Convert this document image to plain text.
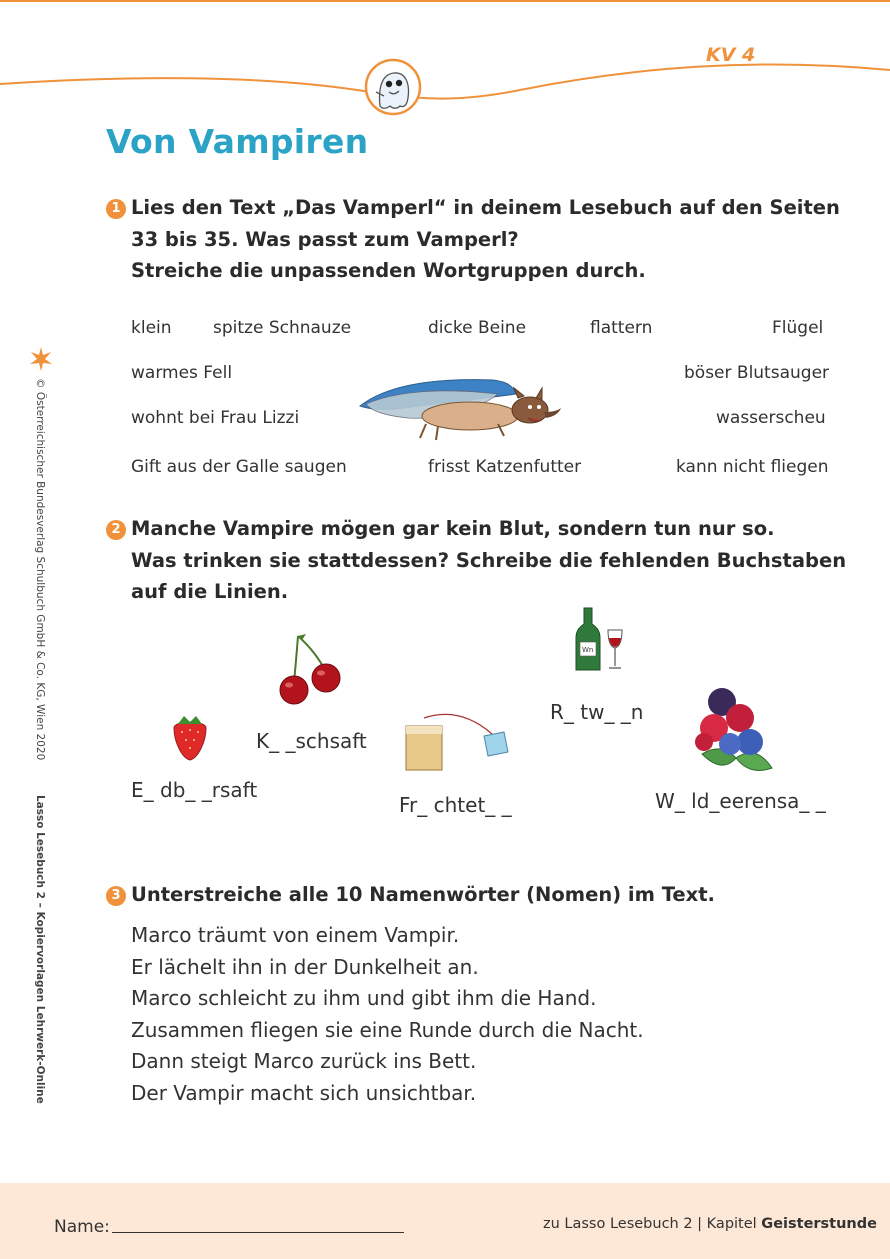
KV 4
Von Vampiren
1 Lies den Text „Das Vamperl“ in deinem Lesebuch auf den Seiten
33 bis 35. Was passt zum Vamperl?
Streiche die unpassenden Wortgruppen durch.
klein spitze Schnauze	dicke Beine	flattern	Flügel
warmes Fell	böser Blutsauger
wohnt bei Frau Lizzi	wasserscheu
Gift aus der Galle saugen	frisst Katzenfutter	kann nicht fliegen
2 Manche Vampire mögen gar kein Blut, sondern tun nur so.
Was trinken sie stattdessen? Schreibe die fehlenden Buchstaben
auf die Linien.
E_ db_ _rsaft
K_ _schsaft
Fr_ chtet_ _
Wn
R_ tw_ _n
W_ ld_eerensa_ _
3 Unterstreiche alle 10 Namenwörter (Nomen) im Text.
Marco träumt von einem Vampir.
Er lächelt ihn in der Dunkelheit an.
Marco schleicht zu ihm und gibt ihm die Hand.
Zusammen fliegen sie eine Runde durch die Nacht.
Dann steigt Marco zurück ins Bett.
Der Vampir macht sich unsichtbar.
© Österreichischer Bundesverlag Schulbuch GmbH & Co. KG, Wien 2020  Lasso Lesebuch 2 – Kopiervorlagen Lehrwerk-Online
Name:	zu Lasso Lesebuch 2 | Kapitel Geisterstunde
